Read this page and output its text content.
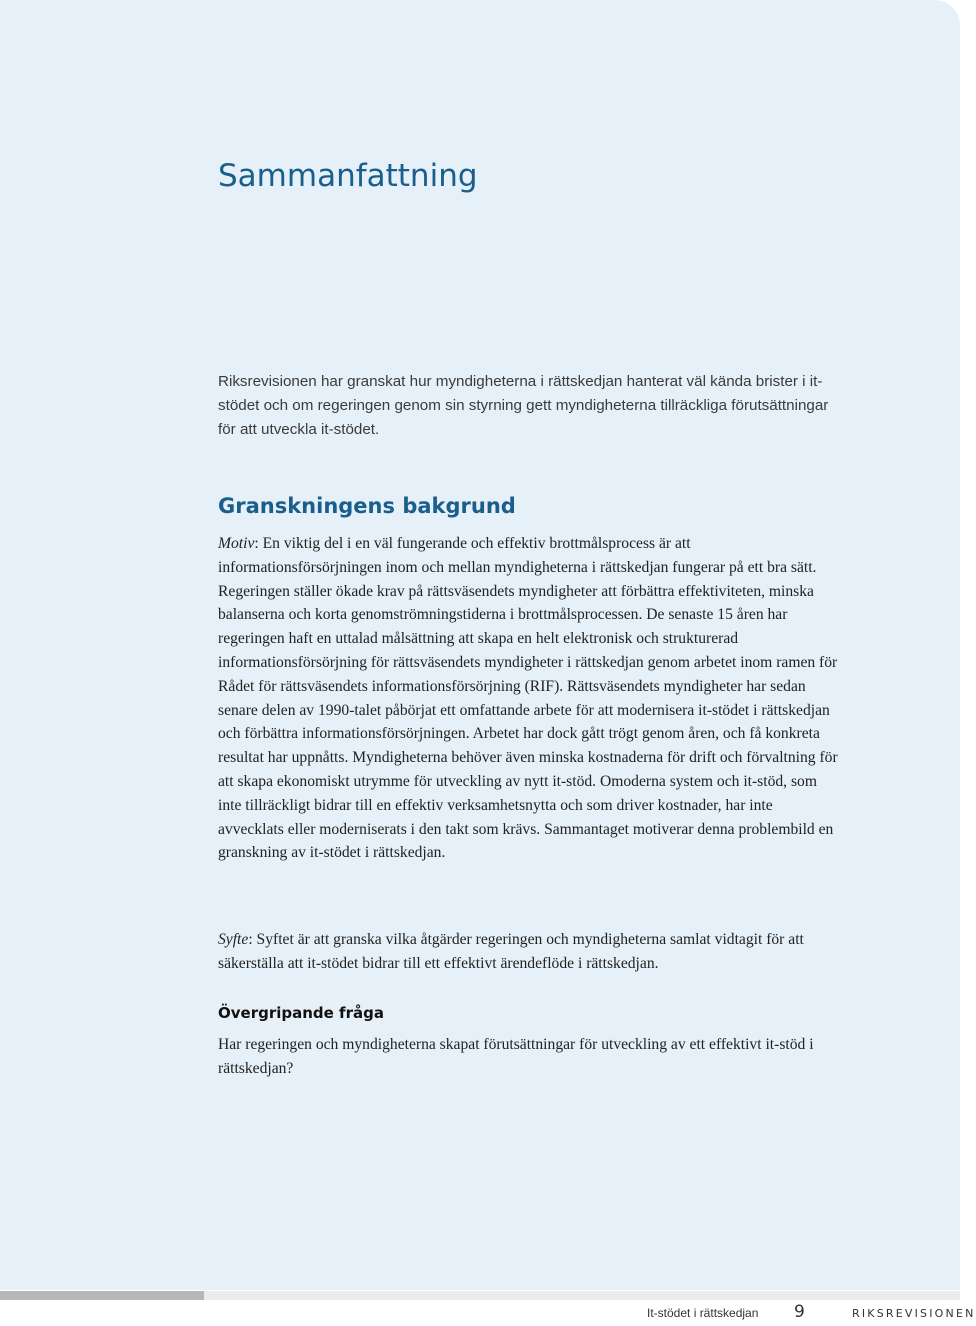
Sammanfattning

Riksrevisionen har granskat hur myndigheterna i rättskedjan hanterat väl kända brister i it-stödet och om regeringen genom sin styrning gett myndigheterna tillräckliga förutsättningar för att utveckla it-stödet.

Granskningens bakgrund

Motiv: En viktig del i en väl fungerande och effektiv brottmålsprocess är att informationsförsörjningen inom och mellan myndigheterna i rättskedjan fungerar på ett bra sätt. Regeringen ställer ökade krav på rättsväsendets myndigheter att förbättra effektiviteten, minska balanserna och korta genomströmningstiderna i brottmålsprocessen. De senaste 15 åren har regeringen haft en uttalad målsättning att skapa en helt elektronisk och strukturerad informationsförsörjning för rättsväsendets myndigheter i rättskedjan genom arbetet inom ramen för Rådet för rättsväsendets informationsförsörjning (RIF). Rättsväsendets myndigheter har sedan senare delen av 1990-talet påbörjat ett omfattande arbete för att modernisera it-stödet i rättskedjan och förbättra informationsförsörjningen. Arbetet har dock gått trögt genom åren, och få konkreta resultat har uppnåtts. Myndigheterna behöver även minska kostnaderna för drift och förvaltning för att skapa ekonomiskt utrymme för utveckling av nytt it-stöd. Omoderna system och it-stöd, som inte tillräckligt bidrar till en effektiv verksamhetsnytta och som driver kostnader, har inte avvecklats eller moderniserats i den takt som krävs. Sammantaget motiverar denna problembild en granskning av it-stödet i rättskedjan.

Syfte: Syftet är att granska vilka åtgärder regeringen och myndigheterna samlat vidtagit för att säkerställa att it-stödet bidrar till ett effektivt ärendeflöde i rättskedjan.

Övergripande fråga

Har regeringen och myndigheterna skapat förutsättningar för utveckling av ett effektivt it-stöd i rättskedjan?

It-stödet i rättskedjan 9	RIKSREVISIONEN
